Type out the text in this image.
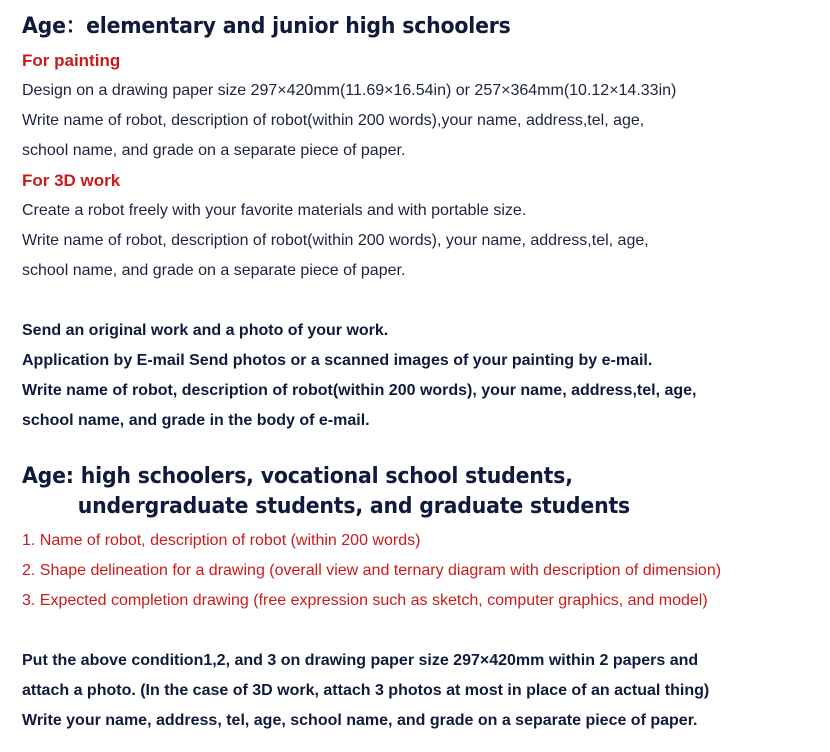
Age：elementary and junior high schoolers
For painting
Design on a drawing paper size 297×420mm(11.69×16.54in) or 257×364mm(10.12×14.33in)
Write name of robot, description of robot(within 200 words),your name, address,tel, age,
school name, and grade on a separate piece of paper.
For 3D work
Create a robot freely with your favorite materials and with portable size.
Write name of robot, description of robot(within 200 words), your name, address,tel, age,
school name, and grade on a separate piece of paper.
Send an original work and a photo of your work.
Application by E-mail Send photos or a scanned images of your painting by e-mail.
Write name of robot, description of robot(within 200 words), your name, address,tel, age,
school name, and grade in the body of e-mail.
Age: high schoolers, vocational school students,
undergraduate students, and graduate students
1. Name of robot, description of robot (within 200 words)
2. Shape delineation for a drawing (overall view and ternary diagram with description of dimension)
3. Expected completion drawing (free expression such as sketch, computer graphics, and model)
Put the above condition1,2, and 3 on drawing paper size 297×420mm within 2 papers and
attach a photo. (In the case of 3D work, attach 3 photos at most in place of an actual thing)
Write your name, address, tel, age, school name, and grade on a separate piece of paper.
